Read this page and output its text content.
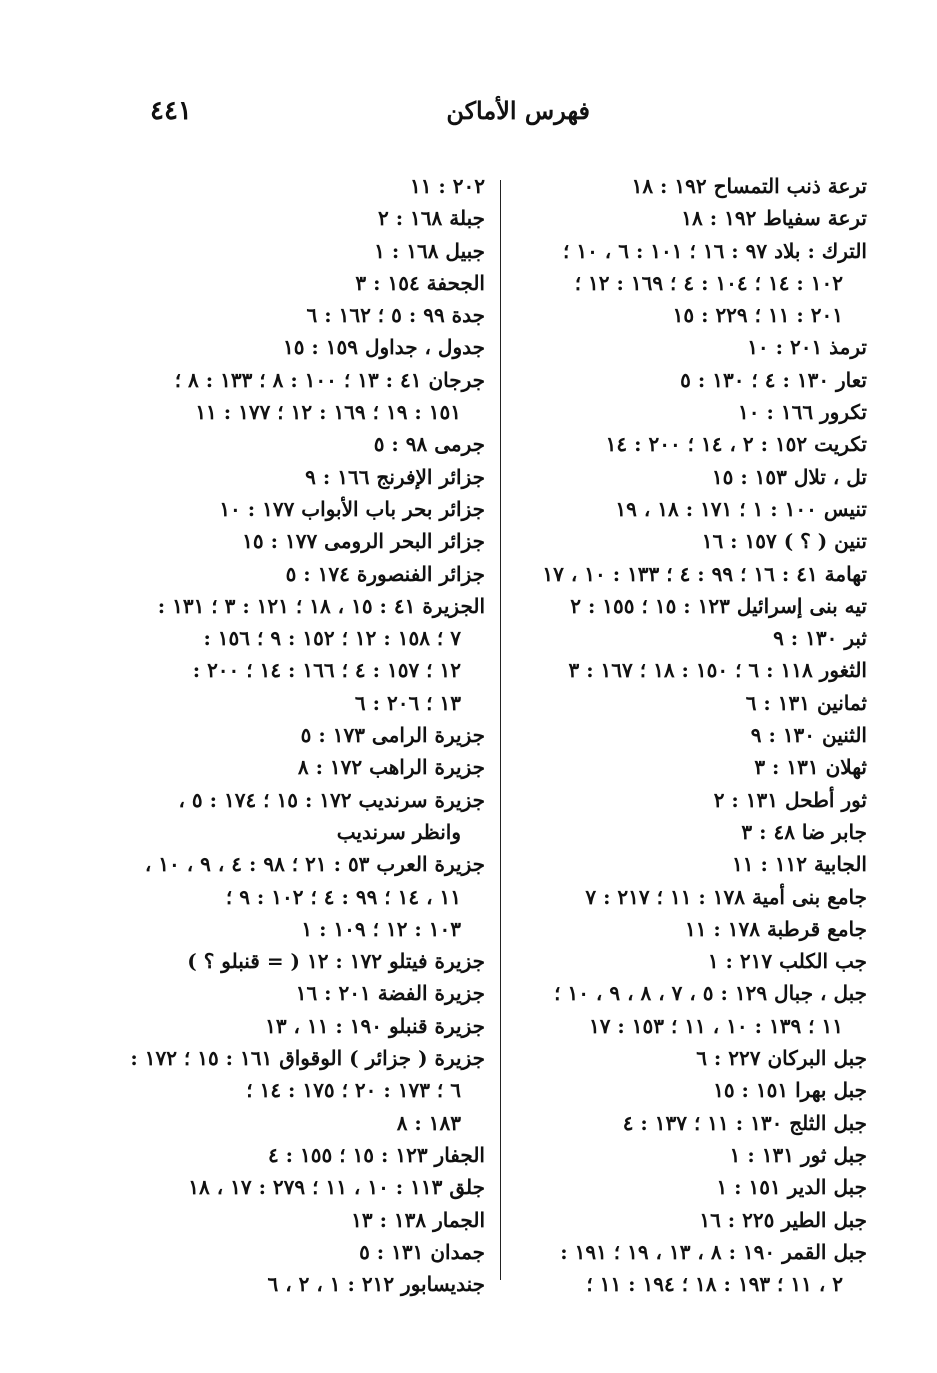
فهرس الأماكن
٤٤١
ترعة ذنب التمساح ١٩٢ : ١٨
ترعة سفياط ١٩٢ : ١٨
الترك : بلاد ٩٧ : ١٦ ؛ ١٠١ : ٦ ، ١٠ ؛
١٠٢ : ١٤ ؛ ١٠٤ : ٤ ؛ ١٦٩ : ١٢ ؛
٢٠١ : ١١ ؛ ٢٢٩ : ١٥
ترمذ ٢٠١ : ١٠
تعار ١٣٠ : ٤ ؛ ١٣٠ : ٥
تكرور ١٦٦ : ١٠
تكريت ١٥٢ : ٢ ، ١٤ ؛ ٢٠٠ : ١٤
تل ، تلال ١٥٣ : ١٥
تنيس ١٠٠ : ١ ؛ ١٧١ : ١٨ ، ١٩
تنين ( ؟ ) ١٥٧ : ١٦
تهامة ٤١ : ١٦ ؛ ٩٩ : ٤ ؛ ١٣٣ : ١٠ ، ١٧
تيه بنى إسرائيل ١٢٣ : ١٥ ؛ ١٥٥ : ٢
ثبر ١٣٠ : ٩
الثغور ١١٨ : ٦ ؛ ١٥٠ : ١٨ ؛ ١٦٧ : ٣
ثمانين ١٣١ : ٦
الثنين ١٣٠ : ٩
ثهلان ١٣١ : ٣
ثور أطحل ١٣١ : ٢
جابر ضا ٤٨ : ٣
الجابية ١١٢ : ١١
جامع بنى أمية ١٧٨ : ١١ ؛ ٢١٧ : ٧
جامع قرطبة ١٧٨ : ١١
جب الكلب ٢١٧ : ١
جبل ، جبال ١٢٩ : ٥ ، ٧ ، ٨ ، ٩ ، ١٠ ؛
١١ ؛ ١٣٩ : ١٠ ، ١١ ؛ ١٥٣ : ١٧
جبل البركان ٢٢٧ : ٦
جبل بهرا ١٥١ : ١٥
جبل الثلج ١٣٠ : ١١ ؛ ١٣٧ : ٤
جبل ثور ١٣١ : ١
جبل الدير ١٥١ : ١
جبل الطير ٢٢٥ : ١٦
جبل القمر ١٩٠ : ٨ ، ١٣ ، ١٩ ؛ ١٩١ :
٢ ، ١١ ؛ ١٩٣ : ١٨ ؛ ١٩٤ : ١١ ؛
٢٠٢ : ١١
جبلة ١٦٨ : ٢
جبيل ١٦٨ : ١
الجحفة ١٥٤ : ٣
جدة ٩٩ : ٥ ؛ ١٦٢ : ٦
جدول ، جداول ١٥٩ : ١٥
جرجان ٤١ : ١٣ ؛ ١٠٠ : ٨ ؛ ١٣٣ : ٨ ؛
١٥١ : ١٩ ؛ ١٦٩ : ١٢ ؛ ١٧٧ : ١١
جرمى ٩٨ : ٥
جزائر الإفرنج ١٦٦ : ٩
جزائر بحر باب الأبواب ١٧٧ : ١٠
جزائر البحر الرومى ١٧٧ : ١٥
جزائر الفنصورة ١٧٤ : ٥
الجزيرة ٤١ : ١٥ ، ١٨ ؛ ١٢١ : ٣ ؛ ١٣١ :
٧ ؛ ١٥٨ : ١٢ ؛ ١٥٢ : ٩ ؛ ١٥٦ :
١٢ ؛ ١٥٧ : ٤ ؛ ١٦٦ : ١٤ ؛ ٢٠٠ :
١٣ ؛ ٢٠٦ : ٦
جزيرة الرامى ١٧٣ : ٥
جزيرة الراهب ١٧٢ : ٨
جزيرة سرنديب ١٧٢ : ١٥ ؛ ١٧٤ : ٥ ،
وانظر سرنديب
جزيرة العرب ٥٣ : ٢١ ؛ ٩٨ : ٤ ، ٩ ، ١٠ ،
١١ ، ١٤ ؛ ٩٩ : ٤ ؛ ١٠٢ : ٩ ؛
١٠٣ : ١٢ ؛ ١٠٩ : ١
جزيرة فيتلو ١٧٢ : ١٢ ( = قنبلو ؟ )
جزيرة الفضة ٢٠١ : ١٦
جزيرة قنبلو ١٩٠ : ١١ ، ١٣
جزيرة ( جزائر ) الوقواق ١٦١ : ١٥ ؛ ١٧٢ :
٦ ؛ ١٧٣ : ٢٠ ؛ ١٧٥ : ١٤ ؛
١٨٣ : ٨
الجفار ١٢٣ : ١٥ ؛ ١٥٥ : ٤
جلق ١١٣ : ١٠ ، ١١ ؛ ٢٧٩ : ١٧ ، ١٨
الجمار ١٣٨ : ١٣
جمدان ١٣١ : ٥
جنديسابور ٢١٢ : ١ ، ٢ ، ٦
